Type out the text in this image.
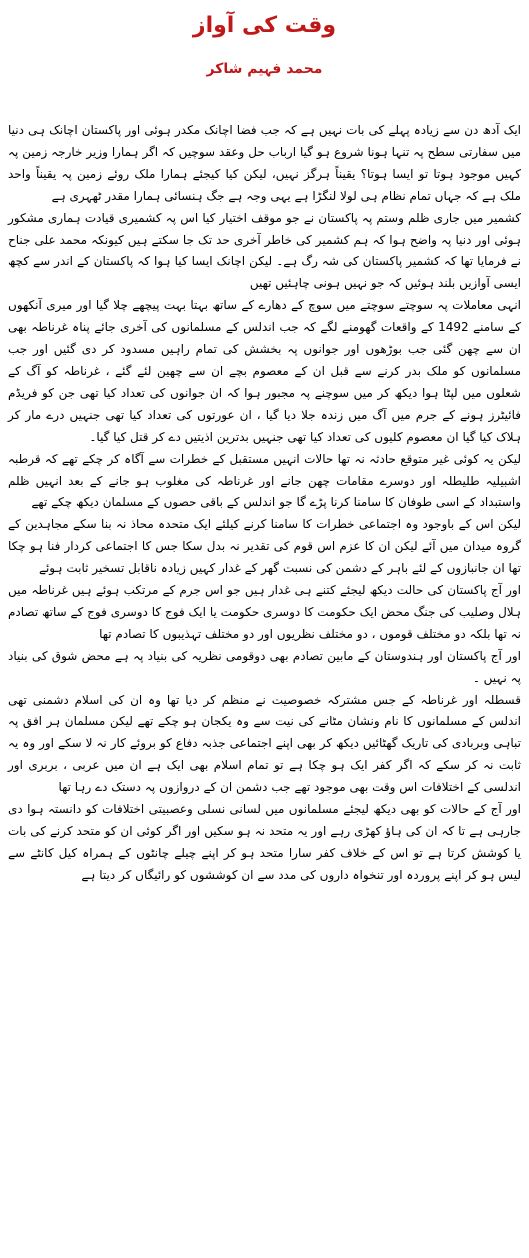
وقت کی آواز
محمد فہیم شاکر

ایک آدھ دن سے زیادہ پہلے کی بات نہیں ہے کہ جب فضا اچانک مکدر ہوئی اور پاکستان اچانک ہی دنیا میں سفارتی سطح پہ تنہا ہونا شروع ہو گیا ارباب حل وعقد سوچیں کہ اگر ہمارا وزیر خارجہ زمین پہ کہیں موجود ہوتا تو ایسا ہوتا؟ یقیناً ہرگز نہیں، لیکن کیا کیجئے ہمارا ملک روئے زمین پہ یقیناً واحد ملک ہے کہ جہاں تمام نظام ہی لولا لنگڑا ہے یہی وجہ ہے جگ ہنسائی ہمارا مقدر ٹھہری ہے

کشمیر میں جاری ظلم وستم پہ پاکستان نے جو موقف اختیار کیا اس پہ کشمیری قیادت ہماری مشکور ہوئی اور دنیا پہ واضح ہوا کہ ہم کشمیر کی خاطر آخری حد تک جا سکتے ہیں کیونکہ محمد علی جناح نے فرمایا تھا کہ کشمیر پاکستان کی شہ رگ ہے۔ لیکن اچانک ایسا کیا ہوا کہ پاکستان کے اندر سے کچھ ایسی آوازیں بلند ہوئیں کہ جو نہیں ہونی چاہئیں تھیں

انہی معاملات پہ سوچتے سوچتے میں سوچ کے دھارے کے ساتھ بہتا بہت پیچھے چلا گیا اور میری آنکھوں کے سامنے 1492 کے واقعات گھومنے لگے کہ جب اندلس کے مسلمانوں کی آخری جائے پناہ غرناطہ بھی ان سے چھن گئی جب بوڑھوں اور جوانوں پہ بخشش کی تمام راہیں مسدود کر دی گئیں اور جب مسلمانوں کو ملک بدر کرنے سے قبل ان کے معصوم بچے ان سے چھین لئے گئے ، غرناطہ کو آگ کے شعلوں میں لپٹا ہوا دیکھ کر میں سوچنے پہ مجبور ہوا کہ ان جوانوں کی تعداد کیا تھی جن کو فریڈم فائیٹرز ہونے کے جرم میں آگ میں زندہ جلا دیا گیا ، ان عورتوں کی تعداد کیا تھی جنہیں درے مار کر ہلاک کیا گیا ان معصوم کلیوں کی تعداد کیا تھی جنہیں بدترین اذیتیں دے کر قتل کیا گیا۔

لیکن یہ کوئی غیر متوقع حادثہ نہ تھا حالات انہیں مستقبل کے خطرات سے آگاہ کر چکے تھے کہ قرطبہ اشبیلیہ طلیطلہ اور دوسرے مقامات چھن جانے اور غرناطہ کی مغلوب ہو جانے کے بعد انہیں ظلم واستبداد کے اسی طوفان کا سامنا کرنا پڑے گا جو اندلس کے باقی حصوں کے مسلمان دیکھ چکے تھے

لیکن اس کے باوجود وہ اجتماعی خطرات کا سامنا کرنے کیلئے ایک متحدہ محاذ نہ بنا سکے مجاہدین کے گروہ میدان میں آئے لیکن ان کا عزم اس قوم کی تقدیر نہ بدل سکا جس کا اجتماعی کردار فنا ہو چکا تھا ان جانبازوں کے لئے باہر کے دشمن کی نسبت گھر کے غدار کہیں زیادہ ناقابل تسخیر ثابت ہوئے

اور آج پاکستان کی حالت دیکھ لیجئے کتنے ہی غدار ہیں جو اس جرم کے مرتکب ہوئے ہیں غرناطہ میں ہلال وصلیب کی جنگ محض ایک حکومت کا دوسری حکومت یا ایک فوج کا دوسری فوج کے ساتھ تصادم نہ تھا بلکہ دو مختلف قوموں ، دو مختلف نظریوں اور دو مختلف تہذیبوں کا تصادم تھا

اور آج پاکستان اور ہندوستان کے مابین تصادم بھی دوقومی نظریہ کی بنیاد پہ ہے محض شوق کی بنیاد پہ نہیں ۔

قسطلہ اور غرناطہ کے جس مشترکہ خصوصیت نے منظم کر دیا تھا وہ ان کی اسلام دشمنی تھی اندلس کے مسلمانوں کا نام ونشان مٹانے کی نیت سے وہ یکجان ہو چکے تھے لیکن مسلمان ہر افق پہ تباہی وبربادی کی تاریک گھٹائیں دیکھ کر بھی اپنے اجتماعی جذبہ دفاع کو بروئے کار نہ لا سکے اور وہ یہ ثابت نہ کر سکے کہ اگر کفر ایک ہو چکا ہے تو تمام اسلام بھی ایک ہے ان میں عربی ، بربری اور اندلسی کے اختلافات اس وقت بھی موجود تھے جب دشمن ان کے دروازوں پہ دستک دے رہا تھا

اور آج کے حالات کو بھی دیکھ لیجئے مسلمانوں میں لسانی نسلی وعصبیتی اختلافات کو دانستہ ہوا دی جارہی ہے تا کہ ان کی ہاؤ کھڑی رہے اور یہ متحد نہ ہو سکیں اور اگر کوئی ان کو متحد کرنے کی بات یا کوشش کرتا ہے تو اس کے خلاف کفر سارا متحد ہو کر اپنے چیلے چانٹوں کے ہمراہ کیل کانٹے سے لیس ہو کر اپنے پروردہ اور تنخواہ داروں کی مدد سے ان کوششوں کو رائیگاں کر دیتا ہے
